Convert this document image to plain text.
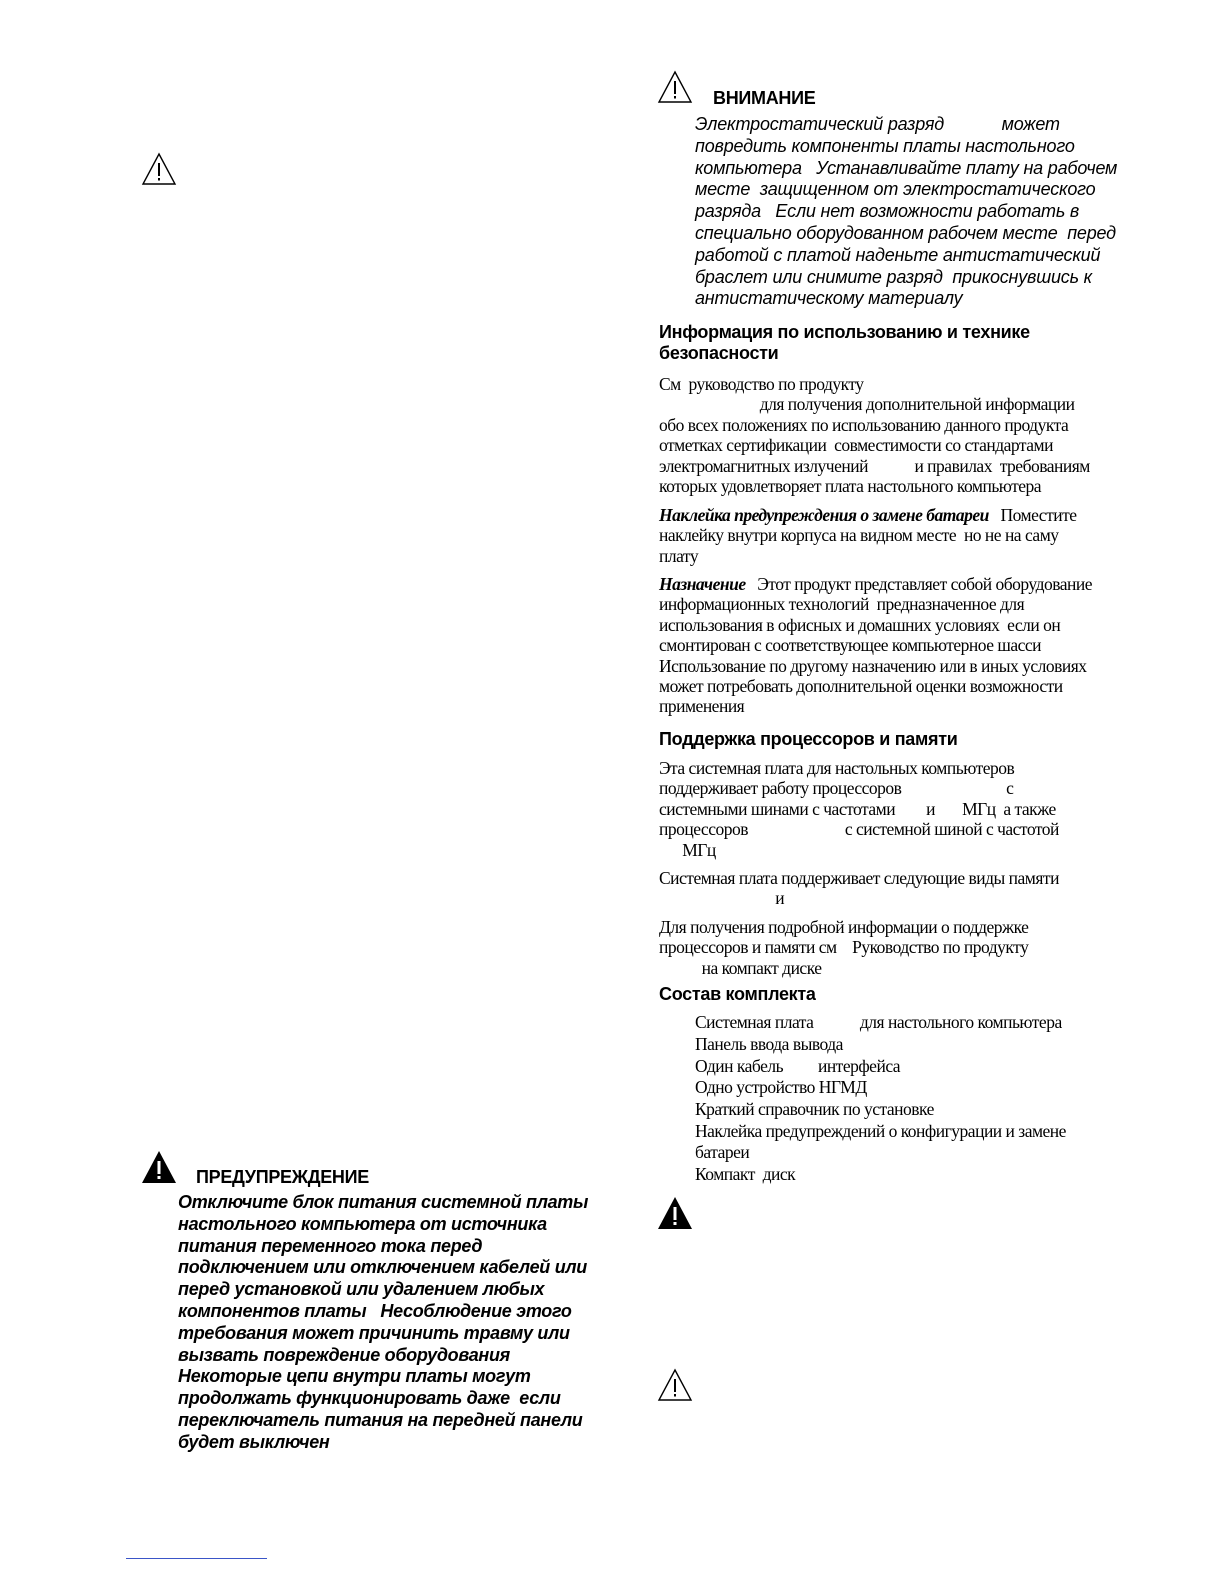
ПРЕДУПРЕЖДЕНИЕ
Отключите блок питания системной платы
настольного компьютера от источника
питания переменного тока перед
подключением или отключением кабелей или
перед установкой или удалением любых
компонентов платы   Несоблюдение этого
требования может причинить травму или
вызвать повреждение оборудования
Некоторые цепи внутри платы могут
продолжать функционировать даже  если
переключатель питания на передней панели
будет выключен
ВНИМАНИЕ
Электростатический разряд            может
повредить компоненты платы настольного
компьютера   Устанавливайте плату на рабочем
месте  защищенном от электростатического
разряда   Если нет возможности работать в
специально оборудованном рабочем месте  перед
работой с платой наденьте антистатический
браслет или снимите разряд  прикоснувшись к
антистатическому материалу
Информация по использованию и технике
безопасности
См  руководство по продукту
для получения дополнительной информации
обо всех положениях по использованию данного продукта
отметках сертификации  совместимости со стандартами
электромагнитных излучений            и правилах  требованиям
которых удовлетворяет плата настольного компьютера
Наклейка предупреждения о замене батареи   Поместите
наклейку внутри корпуса на видном месте  но не на саму
плату
Назначение   Этот продукт представляет собой оборудование
информационных технологий  предназначенное для
использования в офисных и домашних условиях  если он
смонтирован с соответствующее компьютерное шасси
Использование по другому назначению или в иных условиях
может потребовать дополнительной оценки возможности
применения
Поддержка процессоров и памяти
Эта системная плата для настольных компьютеров
поддерживает работу процессоров                           с
системными шинами с частотами        и       МГц  а также
процессоров                         с системной шиной с частотой
МГц
Системная плата поддерживает следующие виды памяти
и
Для получения подробной информации о поддержке
процессоров и памяти см    Руководство по продукту
на компакт диске
Состав комплекта
Системная плата            для настольного компьютера
Панель ввода вывода
Один кабель         интерфейса
Одно устройство НГМД
Краткий справочник по установке
Наклейка предупреждений о конфигурации и замене
батареи
Компакт  диск
